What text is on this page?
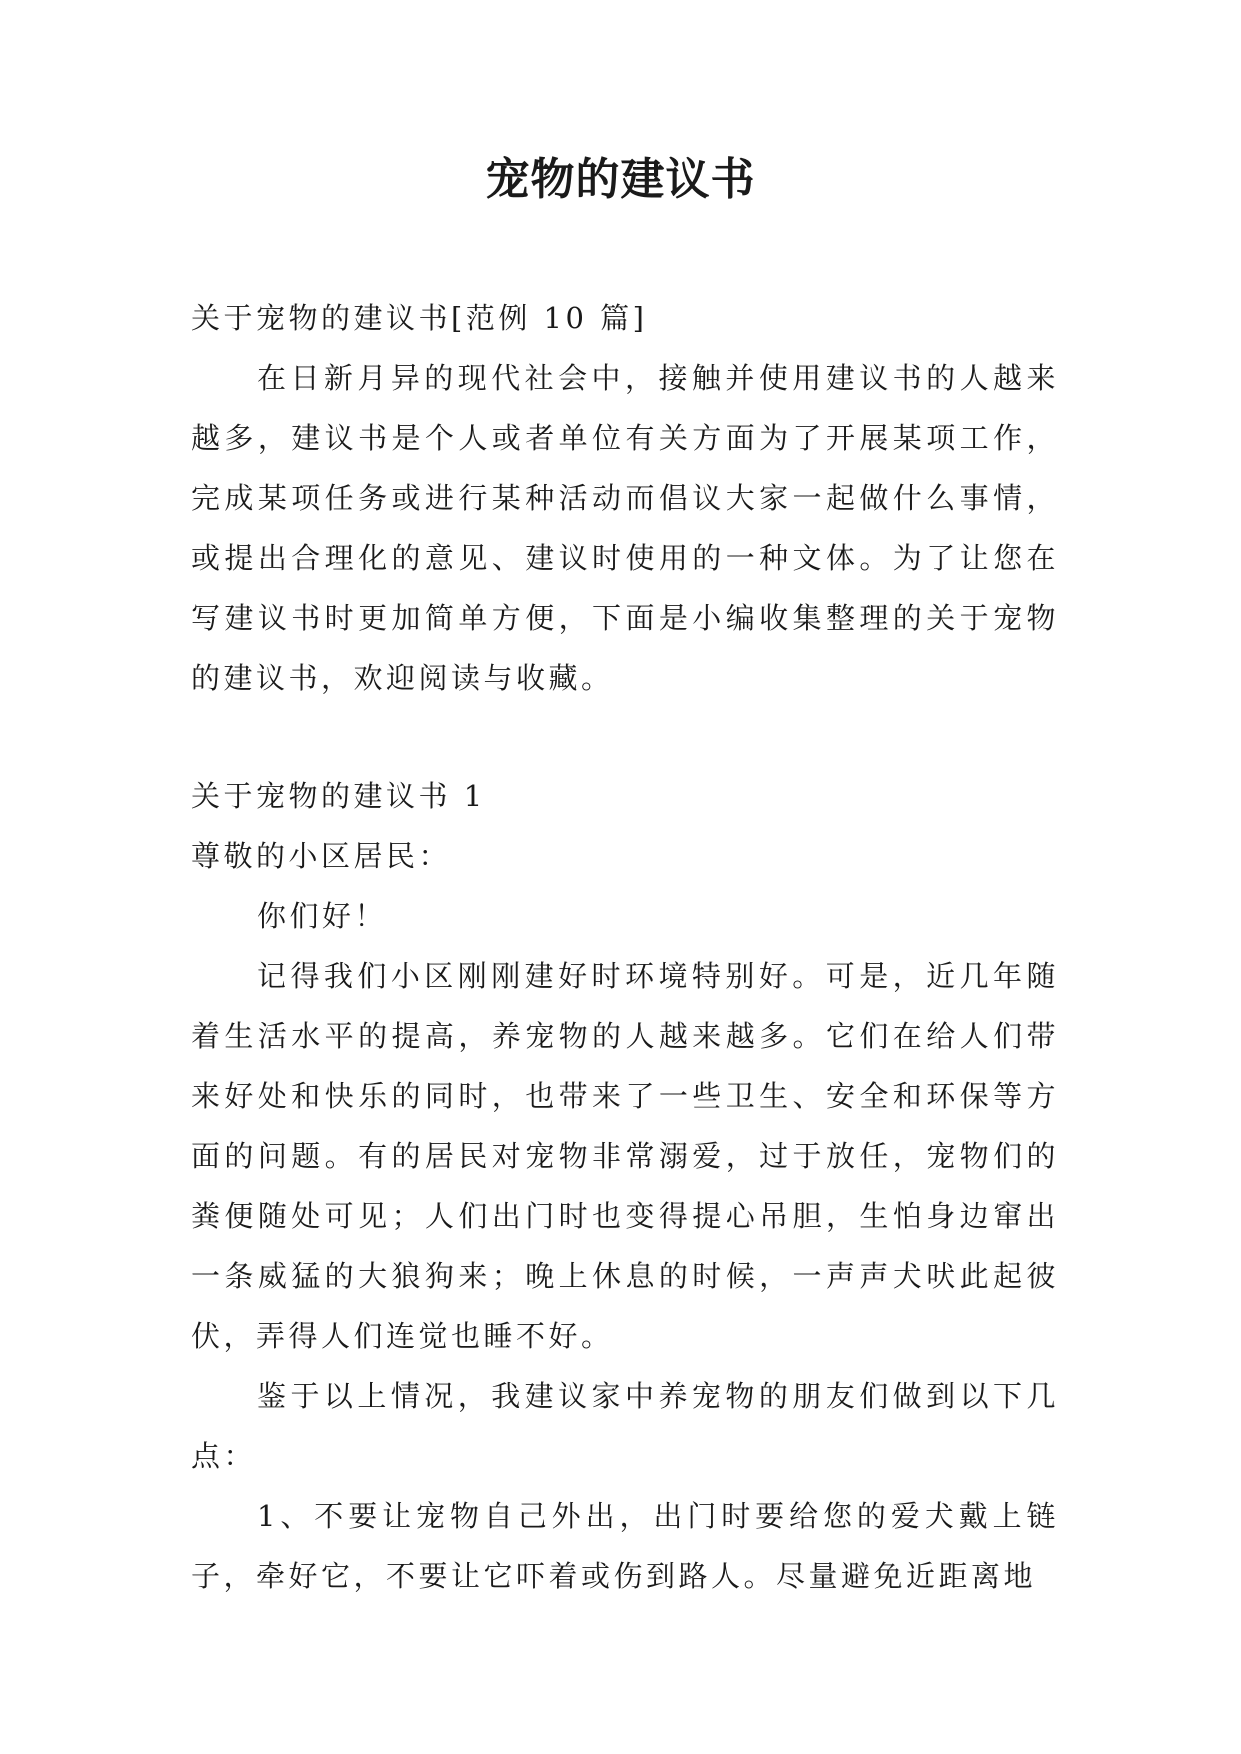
宠物的建议书

关于宠物的建议书[范例 10 篇]

在日新月异的现代社会中，接触并使用建议书的人越来越多，建议书是个人或者单位有关方面为了开展某项工作，完成某项任务或进行某种活动而倡议大家一起做什么事情，或提出合理化的意见、建议时使用的一种文体。为了让您在写建议书时更加简单方便，下面是小编收集整理的关于宠物的建议书，欢迎阅读与收藏。

关于宠物的建议书 1

尊敬的小区居民：

你们好！

记得我们小区刚刚建好时环境特别好。可是，近几年随着生活水平的提高，养宠物的人越来越多。它们在给人们带来好处和快乐的同时，也带来了一些卫生、安全和环保等方面的问题。有的居民对宠物非常溺爱，过于放任，宠物们的粪便随处可见；人们出门时也变得提心吊胆，生怕身边窜出一条威猛的大狼狗来；晚上休息的时候，一声声犬吠此起彼伏，弄得人们连觉也睡不好。

鉴于以上情况，我建议家中养宠物的朋友们做到以下几点：

1、不要让宠物自己外出，出门时要给您的爱犬戴上链子，牵好它，不要让它吓着或伤到路人。尽量避免近距离地
